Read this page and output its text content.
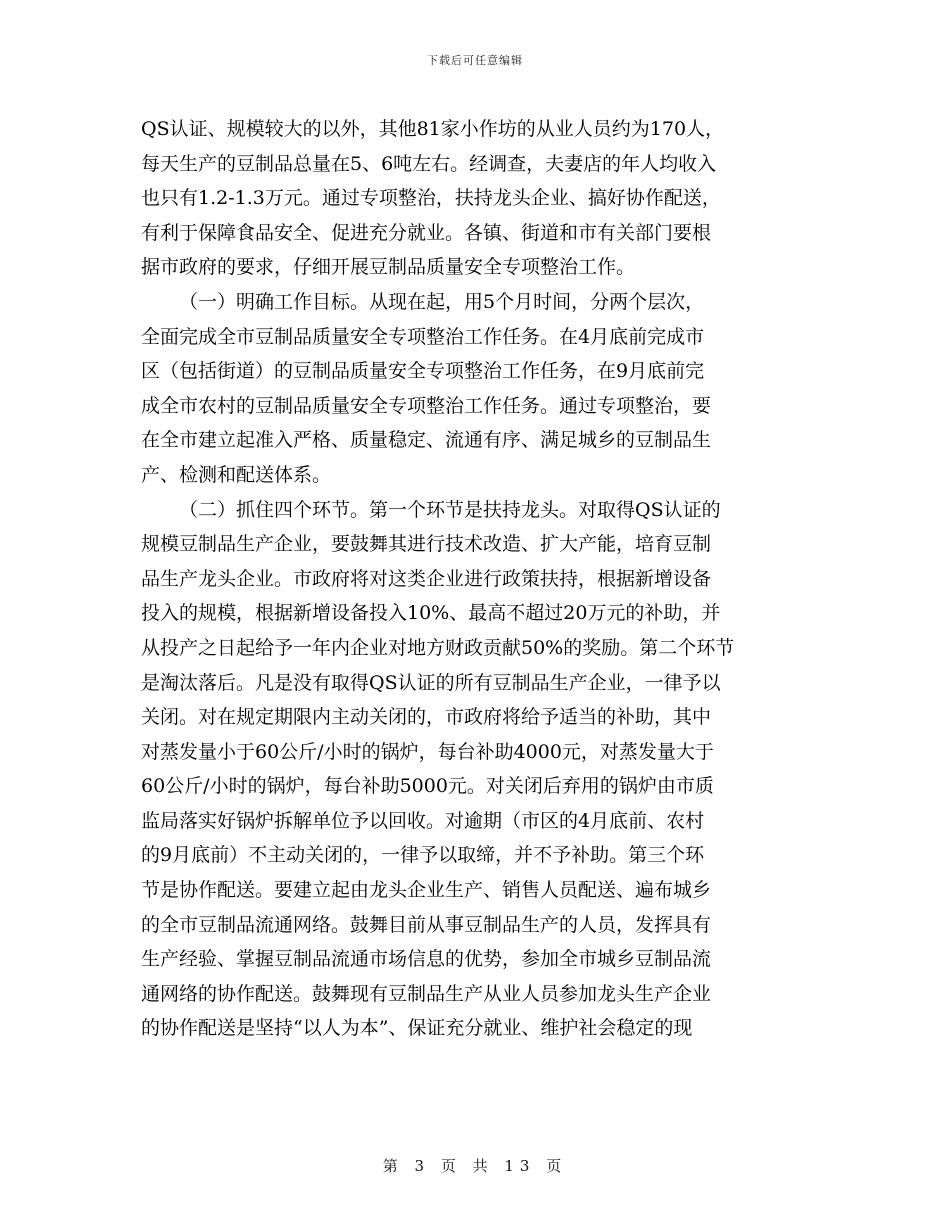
下载后可任意编辑
QS认证、规模较大的以外，其他81家小作坊的从业人员约为170人，
每天生产的豆制品总量在5、6吨左右。经调查，夫妻店的年人均收入
也只有1.2-1.3万元。通过专项整治，扶持龙头企业、搞好协作配送，
有利于保障食品安全、促进充分就业。各镇、街道和市有关部门要根
据市政府的要求，仔细开展豆制品质量安全专项整治工作。
（一）明确工作目标。从现在起，用5个月时间，分两个层次，
全面完成全市豆制品质量安全专项整治工作任务。在4月底前完成市
区（包括街道）的豆制品质量安全专项整治工作任务，在9月底前完
成全市农村的豆制品质量安全专项整治工作任务。通过专项整治，要
在全市建立起准入严格、质量稳定、流通有序、满足城乡的豆制品生
产、检测和配送体系。
（二）抓住四个环节。第一个环节是扶持龙头。对取得QS认证的
规模豆制品生产企业，要鼓舞其进行技术改造、扩大产能，培育豆制
品生产龙头企业。市政府将对这类企业进行政策扶持，根据新增设备
投入的规模，根据新增设备投入10%、最高不超过20万元的补助，并
从投产之日起给予一年内企业对地方财政贡献50%的奖励。第二个环节
是淘汰落后。凡是没有取得QS认证的所有豆制品生产企业，一律予以
关闭。对在规定期限内主动关闭的，市政府将给予适当的补助，其中
对蒸发量小于60公斤/小时的锅炉，每台补助4000元，对蒸发量大于
60公斤/小时的锅炉，每台补助5000元。对关闭后弃用的锅炉由市质
监局落实好锅炉拆解单位予以回收。对逾期（市区的4月底前、农村
的9月底前）不主动关闭的，一律予以取缔，并不予补助。第三个环
节是协作配送。要建立起由龙头企业生产、销售人员配送、遍布城乡
的全市豆制品流通网络。鼓舞目前从事豆制品生产的人员，发挥具有
生产经验、掌握豆制品流通市场信息的优势，参加全市城乡豆制品流
通网络的协作配送。鼓舞现有豆制品生产从业人员参加龙头生产企业
的协作配送是坚持“以人为本”、保证充分就业、维护社会稳定的现
第 3 页 共 13 页
